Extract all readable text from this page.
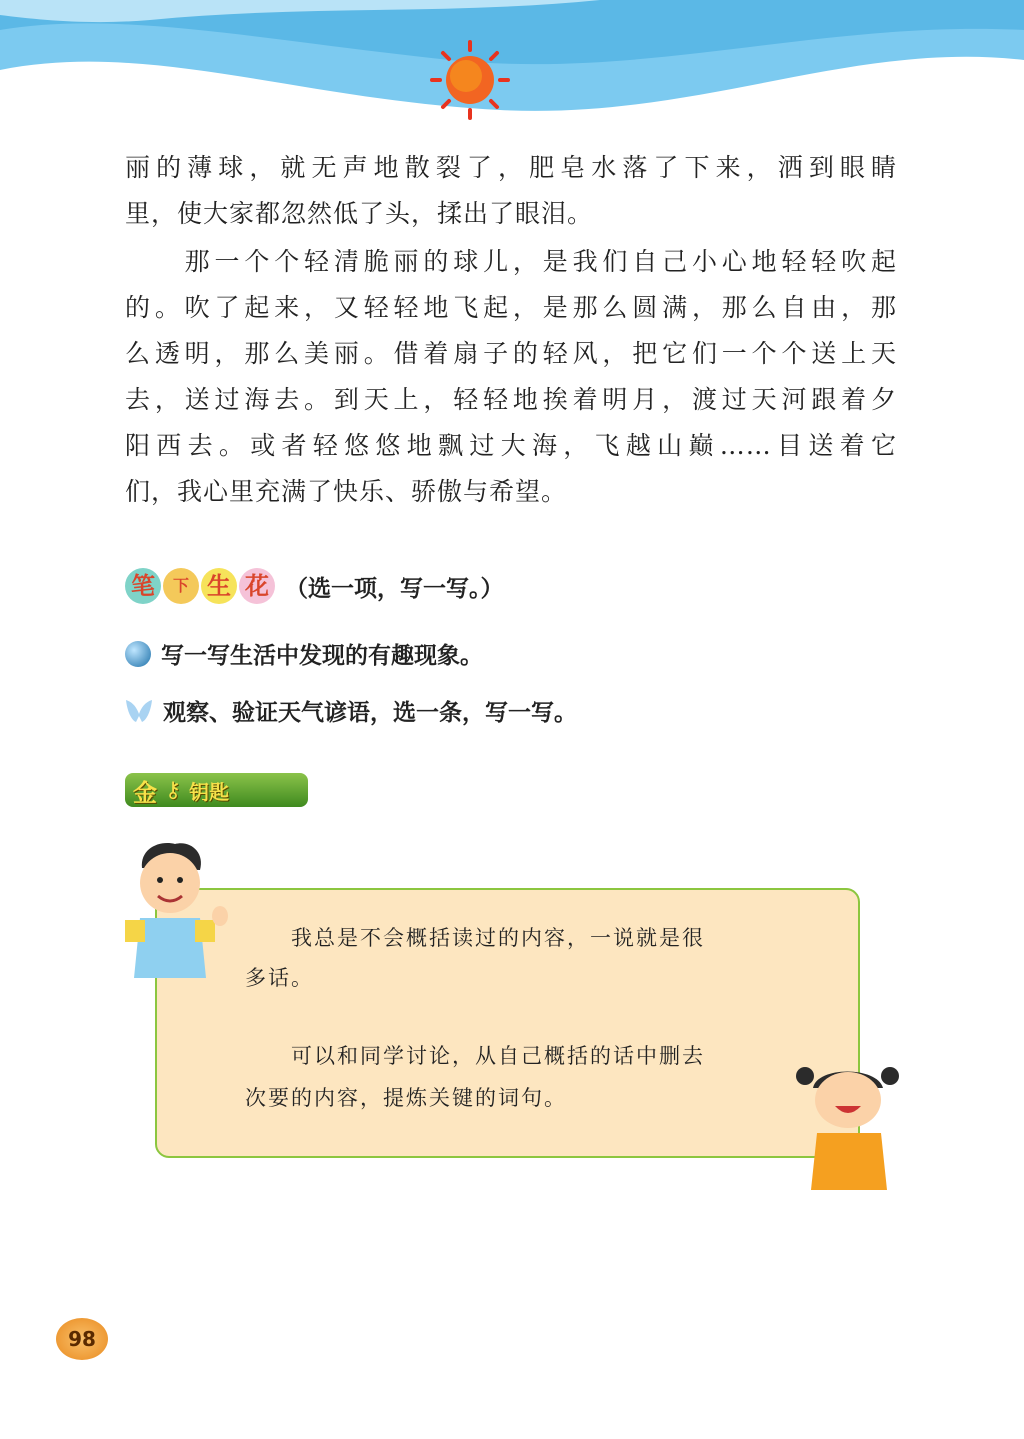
丽的薄球，就无声地散裂了，肥皂水落了下来，洒到眼睛
里，使大家都忽然低了头，揉出了眼泪。
　　那一个个轻清脆丽的球儿，是我们自己小心地轻轻吹起
的。吹了起来，又轻轻地飞起，是那么圆满，那么自由，那
么透明，那么美丽。借着扇子的轻风，把它们一个个送上天
去，送过海去。到天上，轻轻地挨着明月，渡过天河跟着夕
阳西去。或者轻悠悠地飘过大海，飞越山巅……目送着它
们，我心里充满了快乐、骄傲与希望。
笔	下 生 花 （选一项，写一写。）
写一写生活中发现的有趣现象。
观察、验证天气谚语，选一条，写一写。
金 ⚷ 钥匙
　　我总是不会概括读过的内容，一说就是很
多话。
　　可以和同学讨论，从自己概括的话中删去
次要的内容，提炼关键的词句。
98
